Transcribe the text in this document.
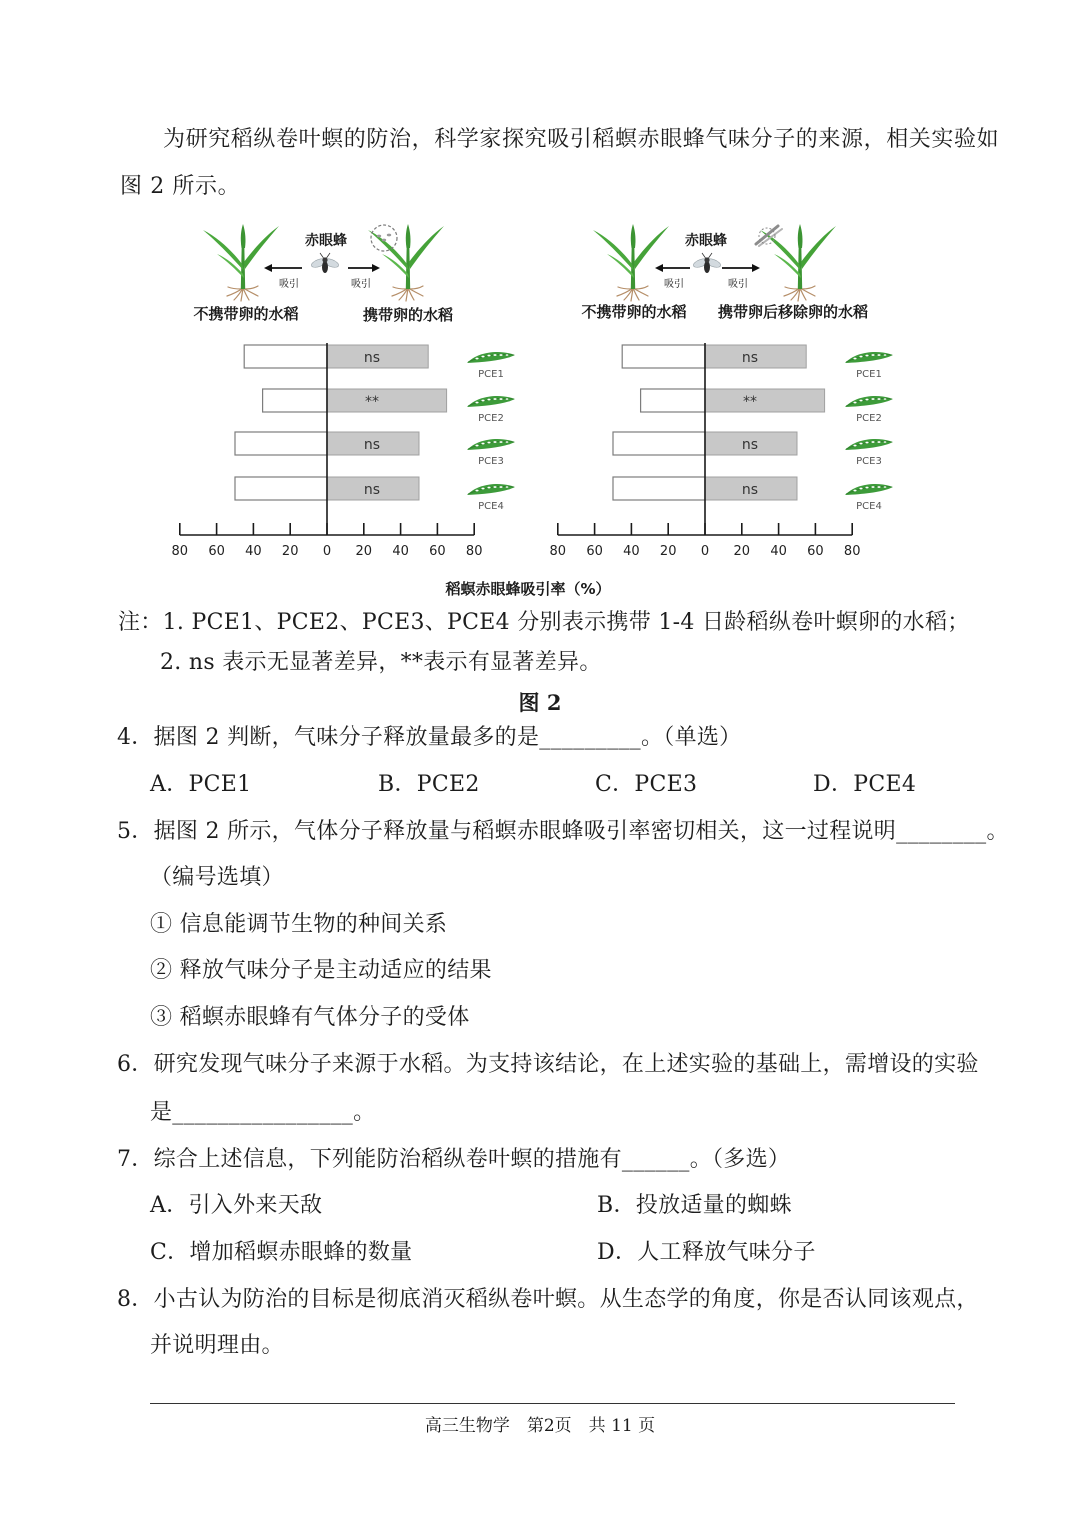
为研究稻纵卷叶螟的防治，科学家探究吸引稻螟赤眼蜂气味分子的来源，相关实验如
图 2 所示。
赤眼蜂
吸引	吸引
不携带卵的水稻	携带卵的水稻
ns
PCE1
**
PCE2
ns
PCE3
ns
PCE4
80 60 40 20 0 20 40 60 80
赤眼蜂
吸引	吸引
不携带卵的水稻 携带卵后移除卵的水稻
ns
PCE1
**
PCE2
ns
PCE3
ns
PCE4
80 60 40 20 0 20 40 60 80
稻螟赤眼蜂吸引率（%）
注：1. PCE1、PCE2、PCE3、PCE4 分别表示携带 1-4 日龄稻纵卷叶螟卵的水稻；
2. ns 表示无显著差异，**表示有显著差异。
图 2
4．据图 2 判断，气味分子释放量最多的是_________。（单选）
A．PCE1	B．PCE2	C．PCE3	D．PCE4
5．据图 2 所示，气体分子释放量与稻螟赤眼蜂吸引率密切相关，这一过程说明________。
（编号选填）
① 信息能调节生物的种间关系
② 释放气味分子是主动适应的结果
③ 稻螟赤眼蜂有气体分子的受体
6．研究发现气味分子来源于水稻。为支持该结论，在上述实验的基础上，需增设的实验
是________________。
7．综合上述信息，下列能防治稻纵卷叶螟的措施有______。（多选）
A．引入外来天敌	B．投放适量的蜘蛛
C．增加稻螟赤眼蜂的数量	D．人工释放气味分子
8．小古认为防治的目标是彻底消灭稻纵卷叶螟。从生态学的角度，你是否认同该观点，
并说明理由。
高三生物学　第2页　共 11 页
